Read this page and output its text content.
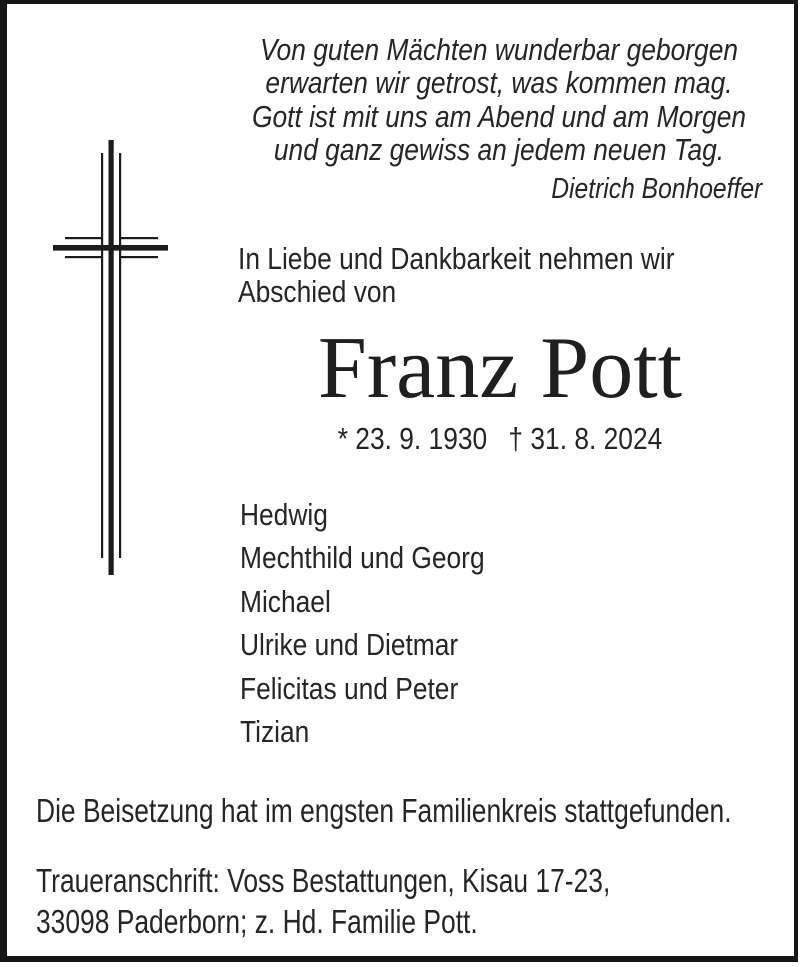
Von guten Mächten wunderbar geborgen
erwarten wir getrost, was kommen mag.
Gott ist mit uns am Abend und am Morgen
und ganz gewiss an jedem neuen Tag.
Dietrich Bonhoeffer
In Liebe und Dankbarkeit nehmen wir
Abschied von
Franz Pott
* 23. 9. 1930 † 31. 8. 2024
Hedwig
Mechthild und Georg
Michael
Ulrike und Dietmar
Felicitas und Peter
Tizian
Die Beisetzung hat im engsten Familienkreis stattgefunden.
Traueranschrift: Voss Bestattungen, Kisau 17-23,
33098 Paderborn; z. Hd. Familie Pott.
